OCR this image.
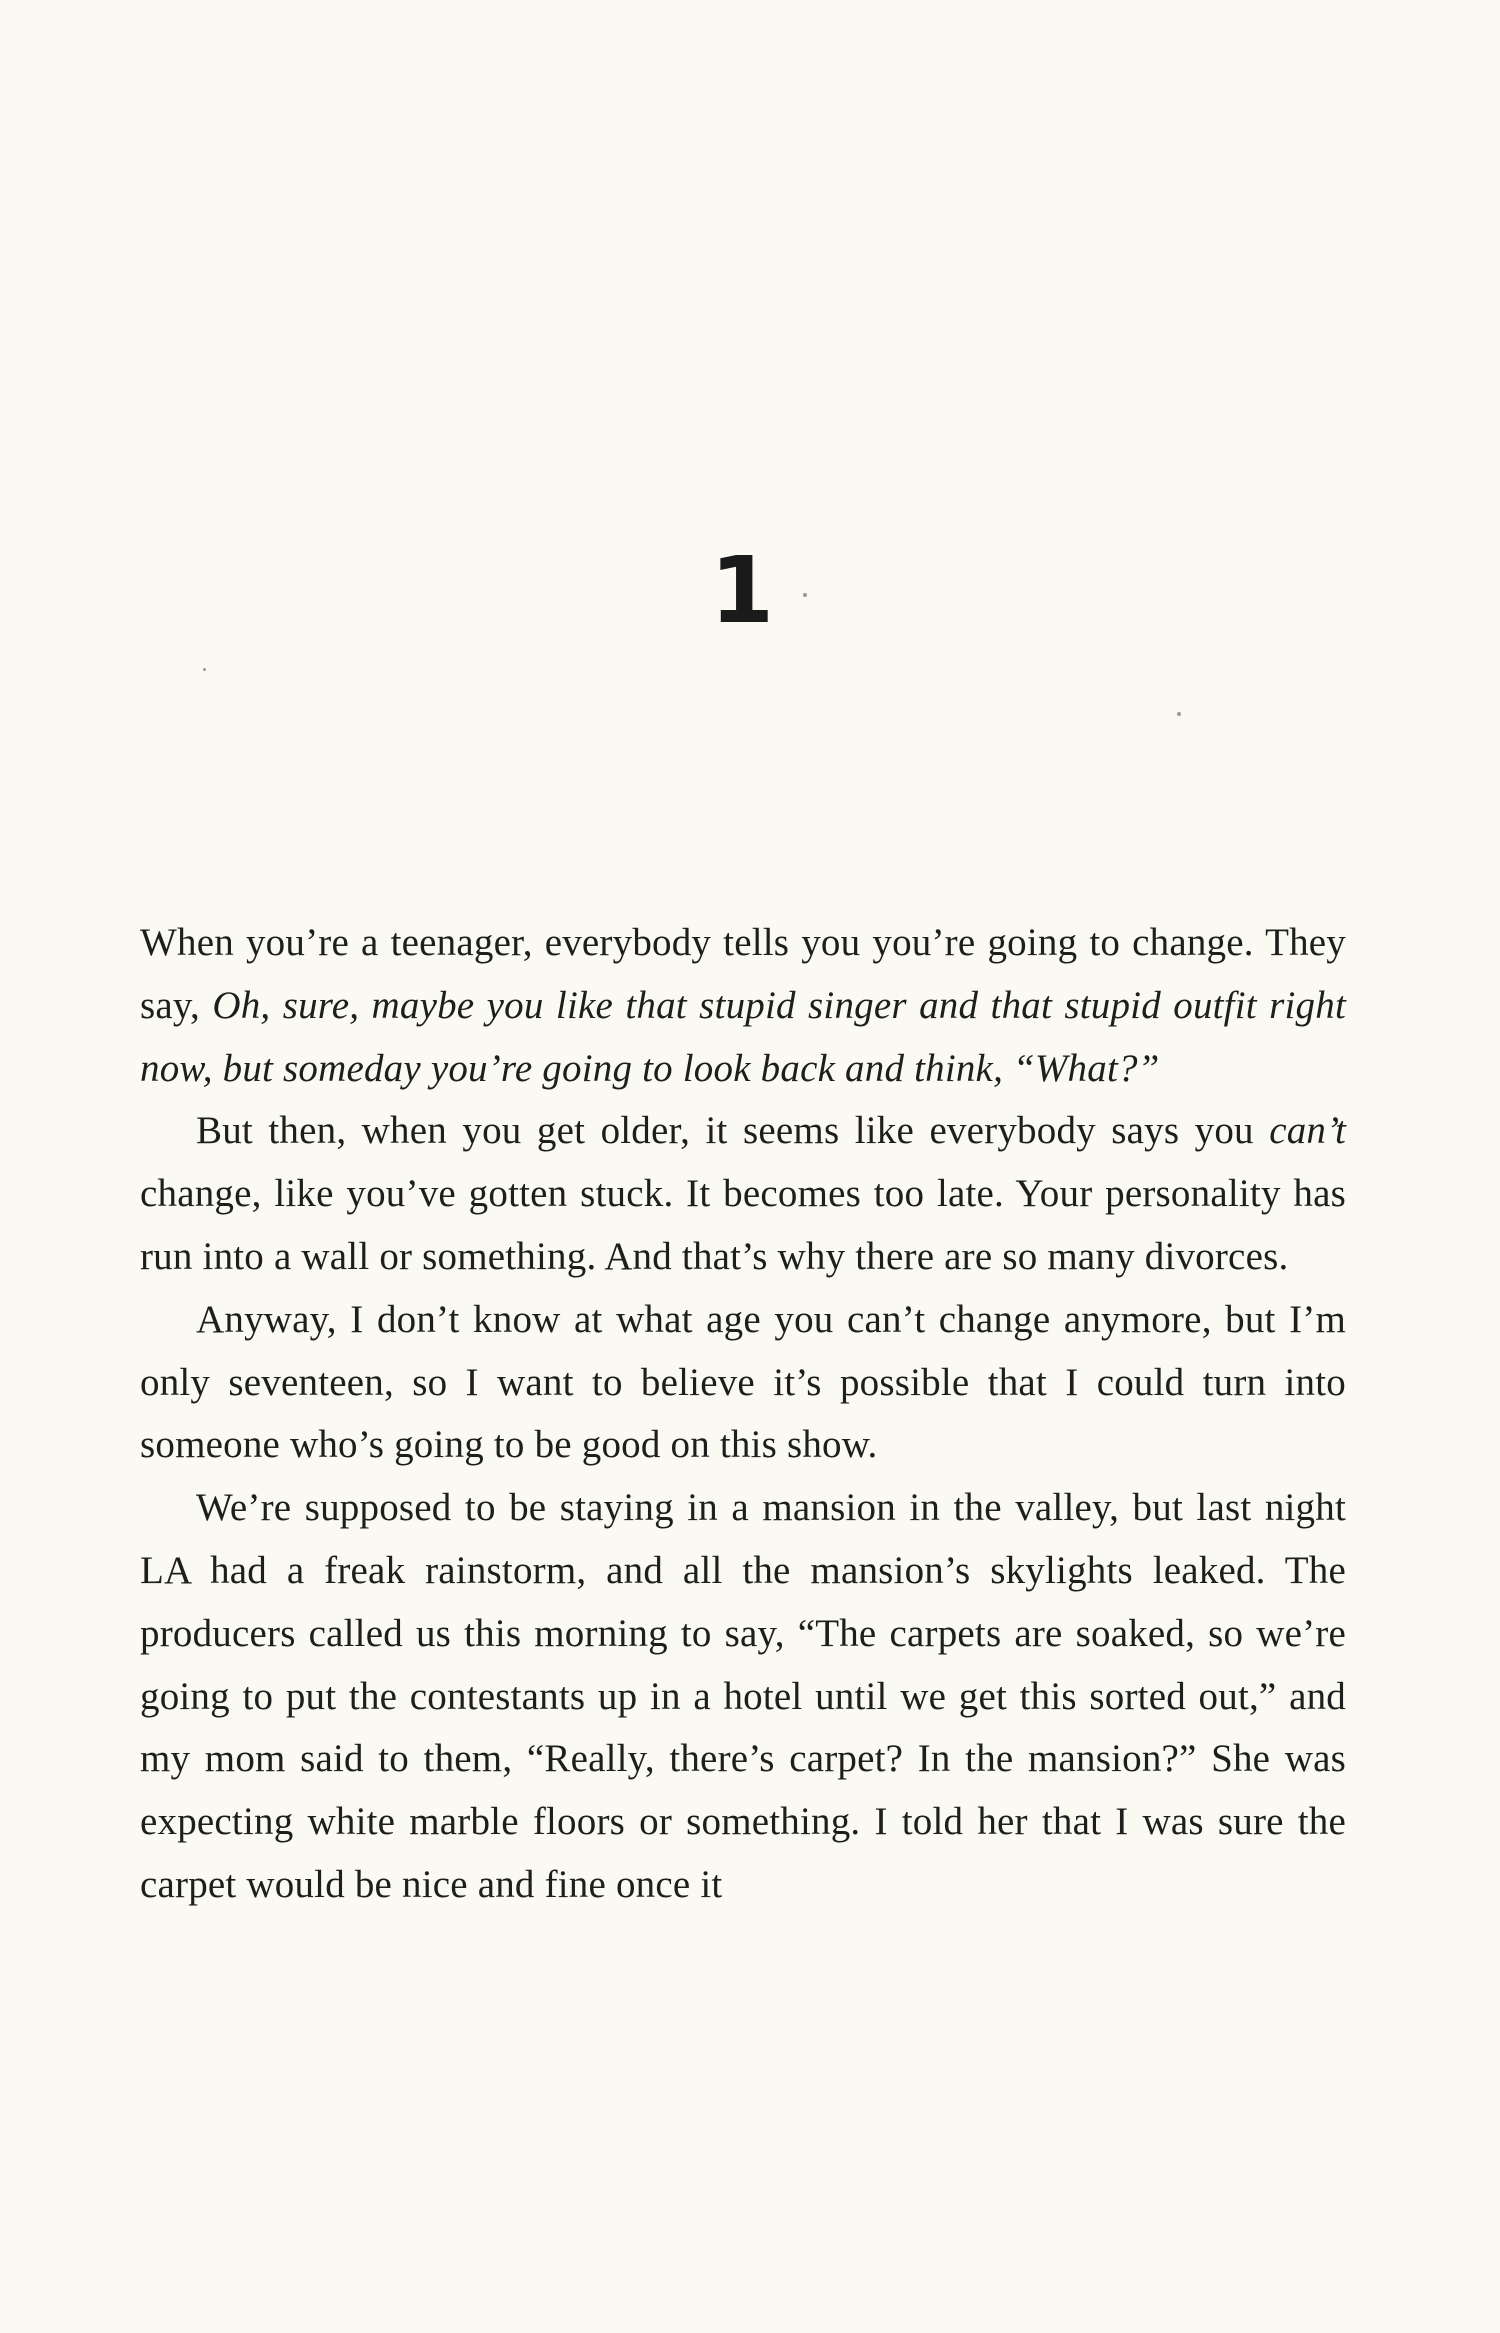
1

When you’re a teenager, everybody tells you you’re going to change. They say, Oh, sure, maybe you like that stupid singer and that stupid outfit right now, but someday you’re going to look back and think, “What?”

But then, when you get older, it seems like everybody says you can’t change, like you’ve gotten stuck. It becomes too late. Your personality has run into a wall or something. And that’s why there are so many divorces.

Anyway, I don’t know at what age you can’t change anymore, but I’m only seventeen, so I want to believe it’s possible that I could turn into someone who’s going to be good on this show.

We’re supposed to be staying in a mansion in the valley, but last night LA had a freak rainstorm, and all the mansion’s skylights leaked. The producers called us this morning to say, “The carpets are soaked, so we’re going to put the contestants up in a hotel until we get this sorted out,” and my mom said to them, “Really, there’s carpet? In the mansion?” She was expecting white marble floors or something. I told her that I was sure the carpet would be nice and fine once it
